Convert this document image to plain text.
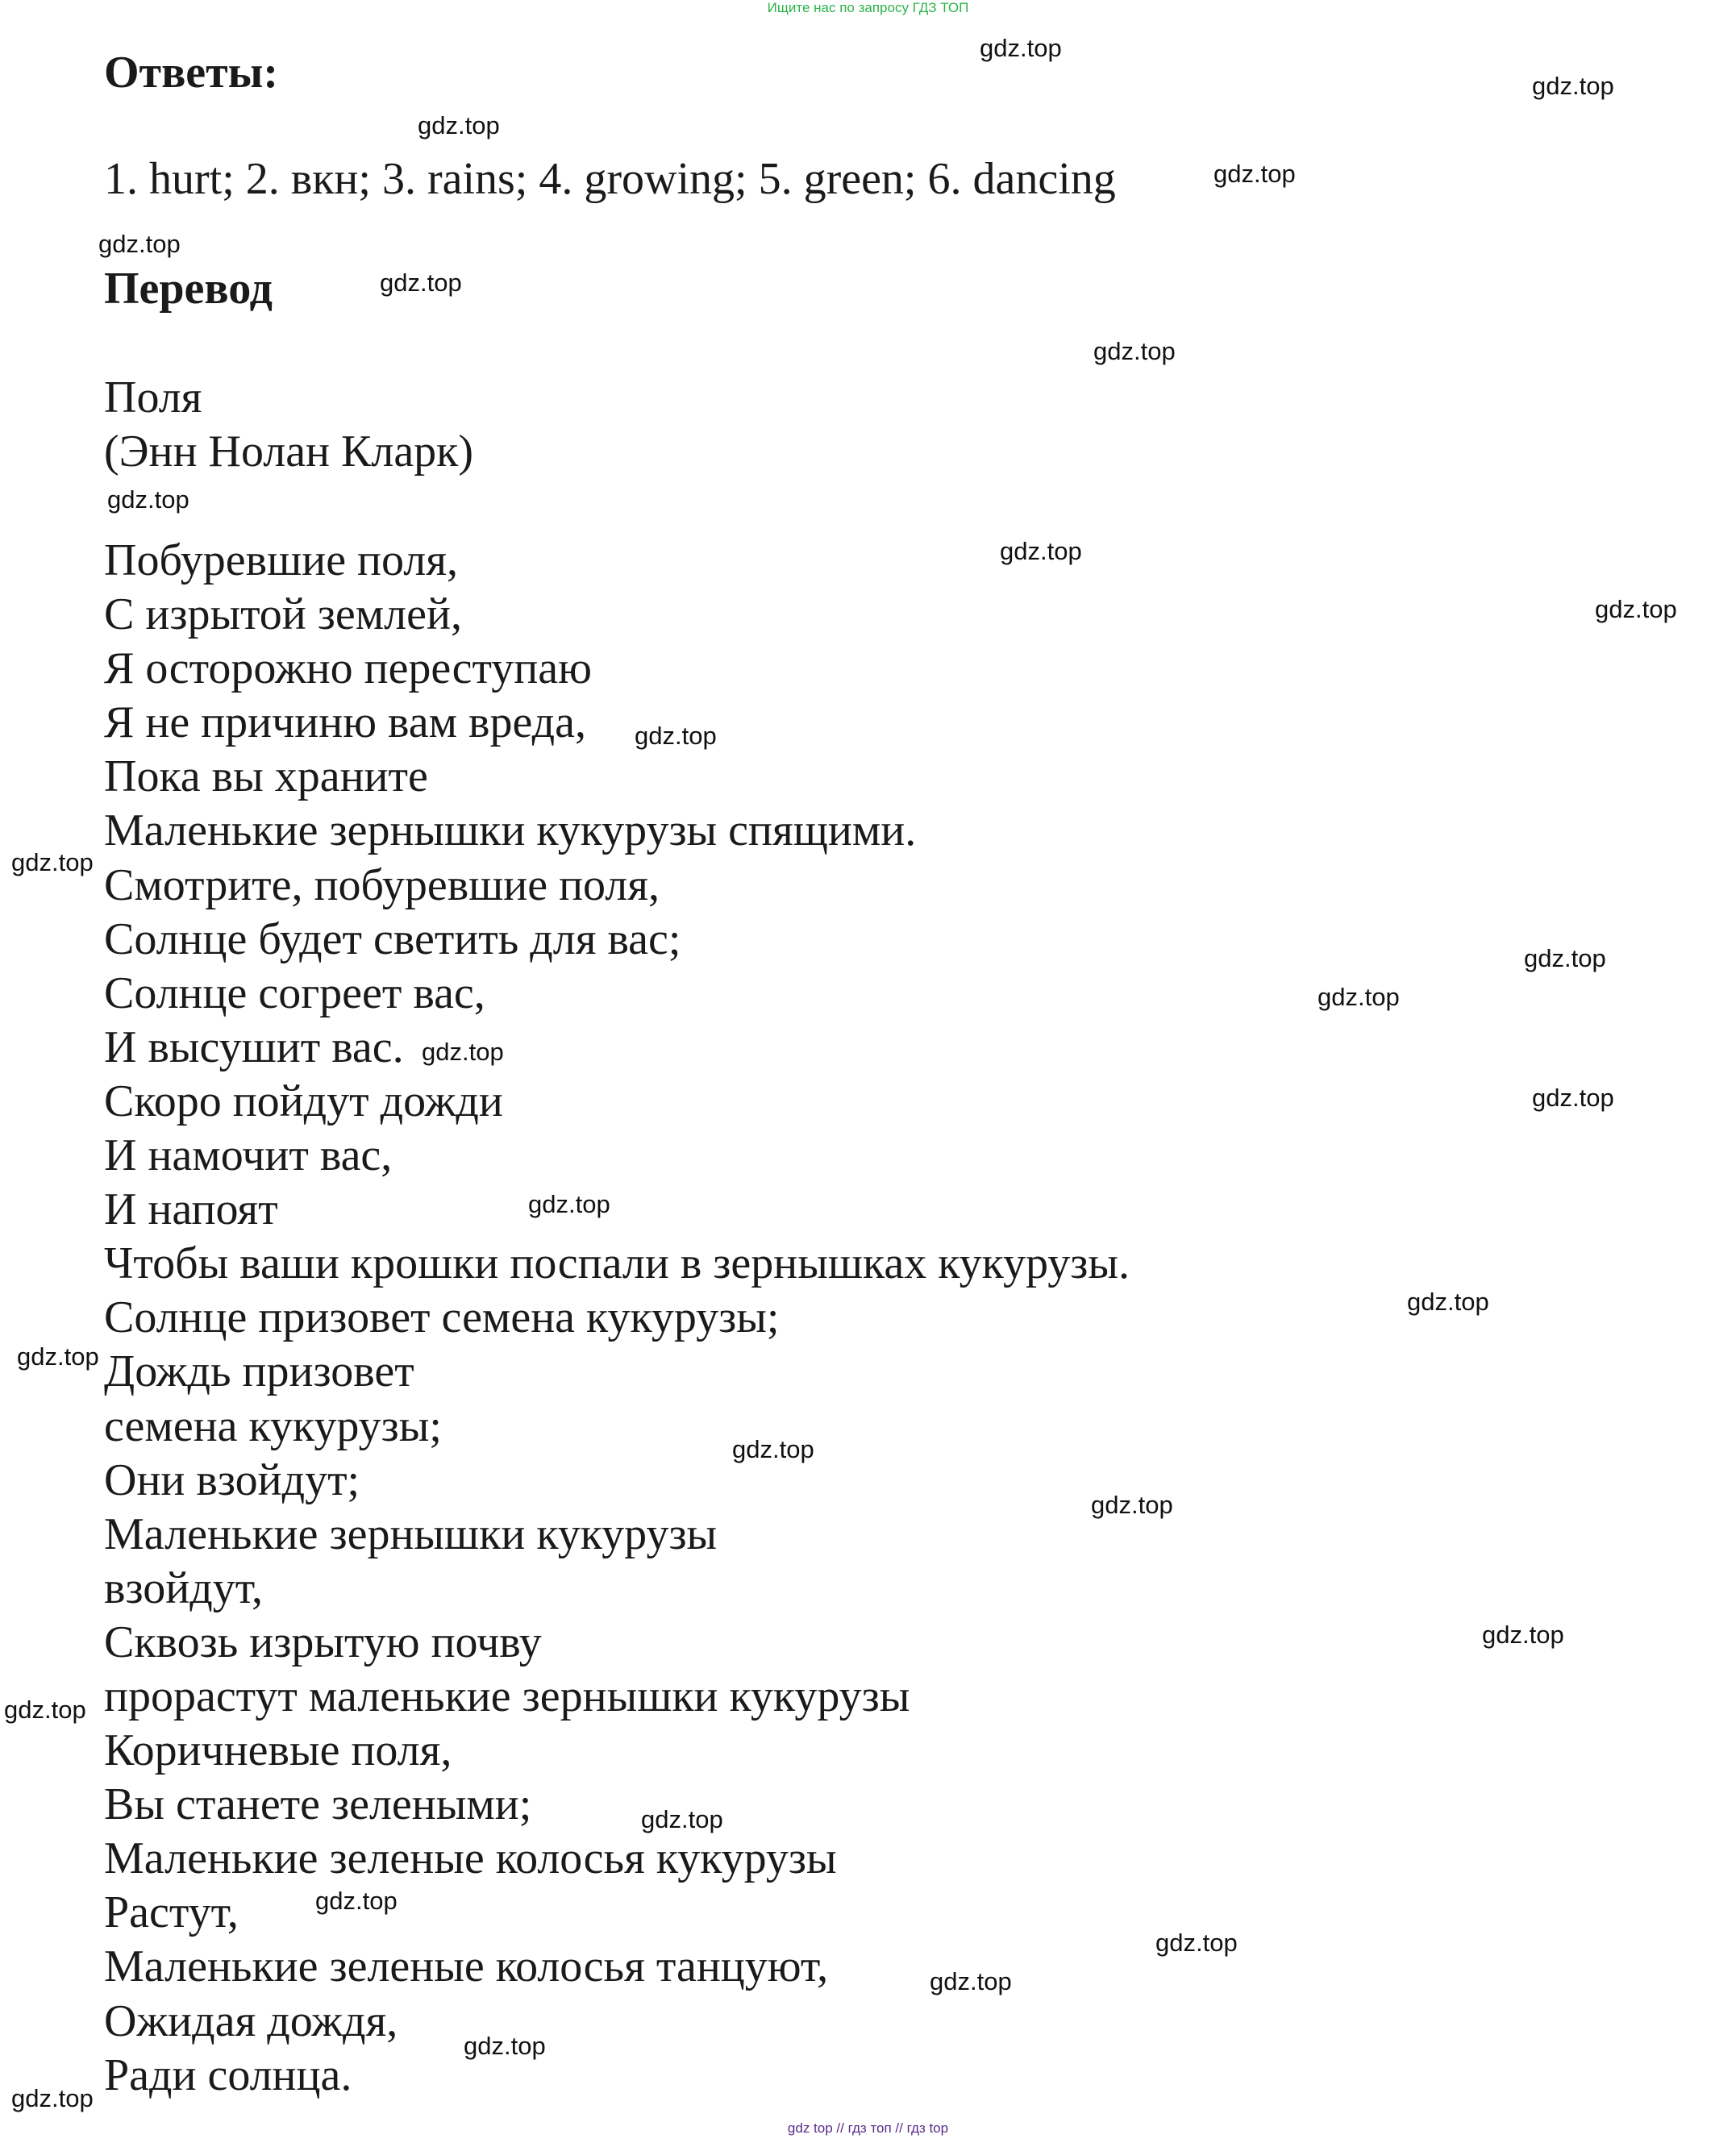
Ищите нас по запросу ГДЗ ТОП
Ответы:
1. hurt; 2. вкн; 3. rains; 4. growing; 5. green; 6. dancing
Перевод
Поля
(Энн Нолан Кларк)
Побуревшие поля,
С изрытой землей,
Я осторожно переступаю
Я не причиню вам вреда,
Пока вы храните
Маленькие зернышки кукурузы спящими.
Смотрите, побуревшие поля,
Солнце будет светить для вас;
Солнце согреет вас,
И высушит вас.
Скоро пойдут дожди
И намочит вас,
И напоят
Чтобы ваши крошки поспали в зернышках кукурузы.
Солнце призовет семена кукурузы;
Дождь призовет
семена кукурузы;
Они взойдут;
Маленькие зернышки кукурузы
взойдут,
Сквозь изрытую почву
прорастут маленькие зернышки кукурузы
Коричневые поля,
Вы станете зелеными;
Маленькие зеленые колосья кукурузы
Растут,
Маленькие зеленые колосья танцуют,
Ожидая дождя,
Ради солнца.
gdz.top
gdz.top
gdz.top
gdz.top
gdz.top
gdz.top
gdz.top
gdz.top
gdz.top
gdz.top
gdz.top
gdz.top
gdz.top
gdz.top
gdz.top
gdz.top
gdz.top
gdz.top
gdz.top
gdz.top
gdz.top
gdz.top
gdz.top
gdz.top
gdz.top
gdz.top
gdz.top
gdz.top
gdz.top
gdz top // гдз топ // гдз top
